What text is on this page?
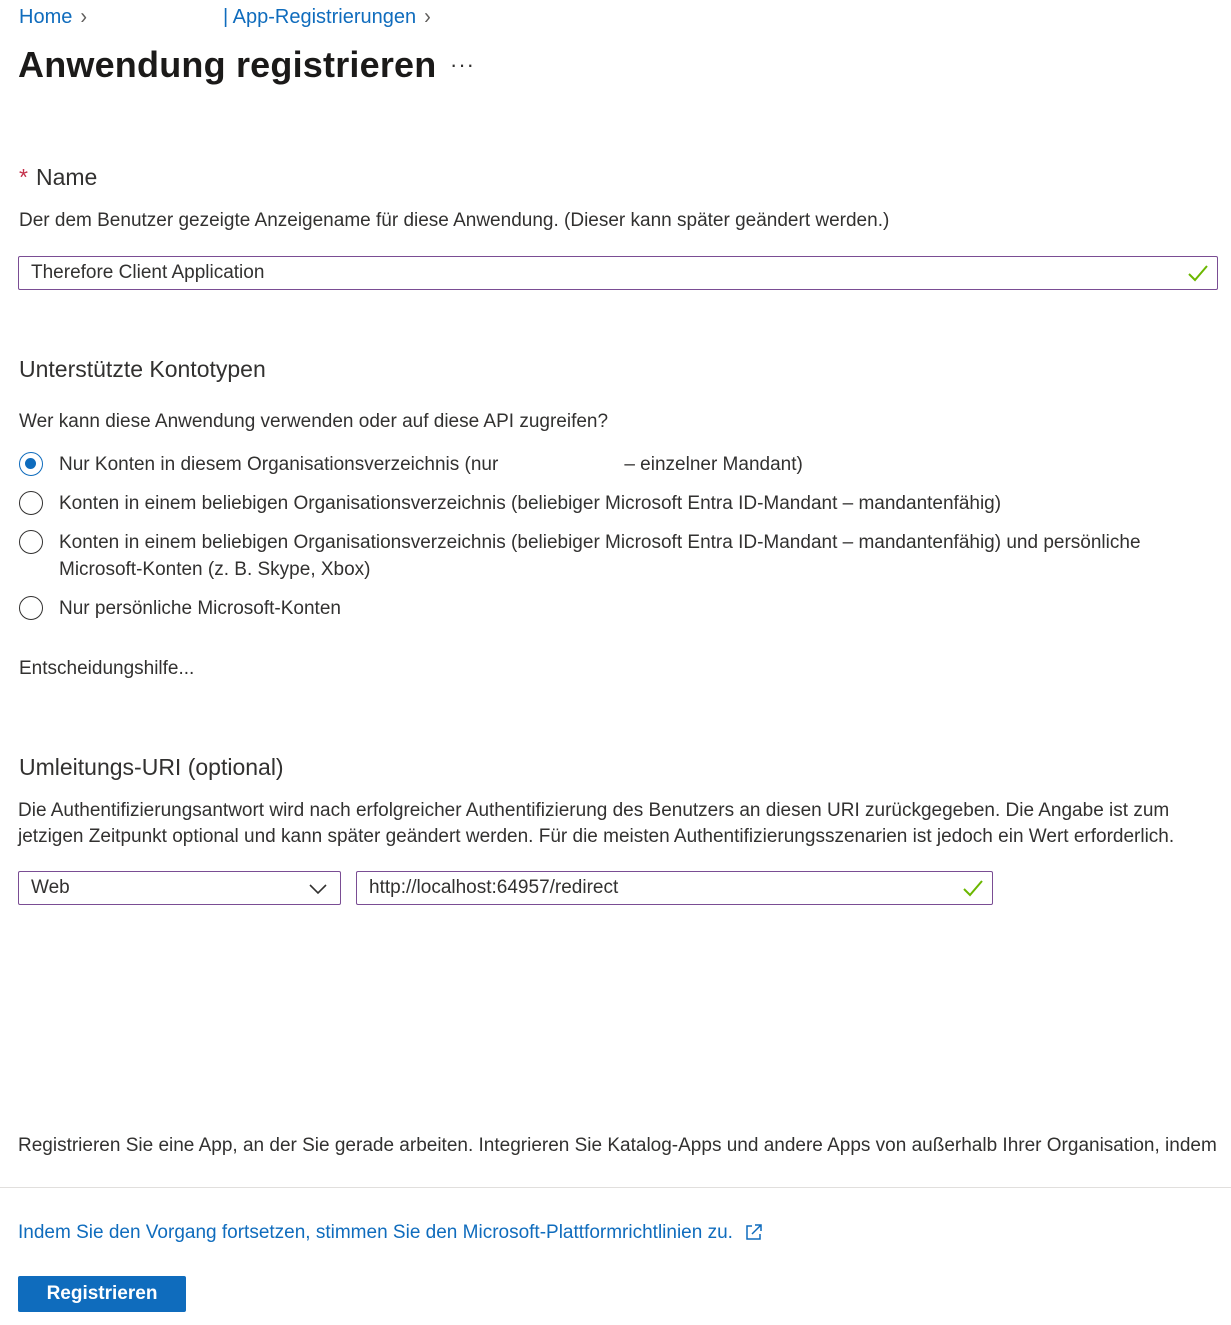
Home ›	| App-Registrierungen ›
Anwendung registrieren ···
* Name
Der dem Benutzer gezeigte Anzeigename für diese Anwendung. (Dieser kann später geändert werden.)
Therefore Client Application
Unterstützte Kontotypen
Wer kann diese Anwendung verwenden oder auf diese API zugreifen?
Nur Konten in diesem Organisationsverzeichnis (nur	– einzelner Mandant)
Konten in einem beliebigen Organisationsverzeichnis (beliebiger Microsoft Entra ID-Mandant – mandantenfähig)
Konten in einem beliebigen Organisationsverzeichnis (beliebiger Microsoft Entra ID-Mandant – mandantenfähig) und persönliche Microsoft-Konten (z. B. Skype, Xbox)
Nur persönliche Microsoft-Konten
Entscheidungshilfe...
Umleitungs-URI (optional)
Die Authentifizierungsantwort wird nach erfolgreicher Authentifizierung des Benutzers an diesen URI zurückgegeben. Die Angabe ist zum jetzigen Zeitpunkt optional und kann später geändert werden. Für die meisten Authentifizierungsszenarien ist jedoch ein Wert erforderlich.
Web	http://localhost:64957/redirect
Registrieren Sie eine App, an der Sie gerade arbeiten. Integrieren Sie Katalog-Apps und andere Apps von außerhalb Ihrer Organisation, indem
Indem Sie den Vorgang fortsetzen, stimmen Sie den Microsoft-Plattformrichtlinien zu.
Registrieren
